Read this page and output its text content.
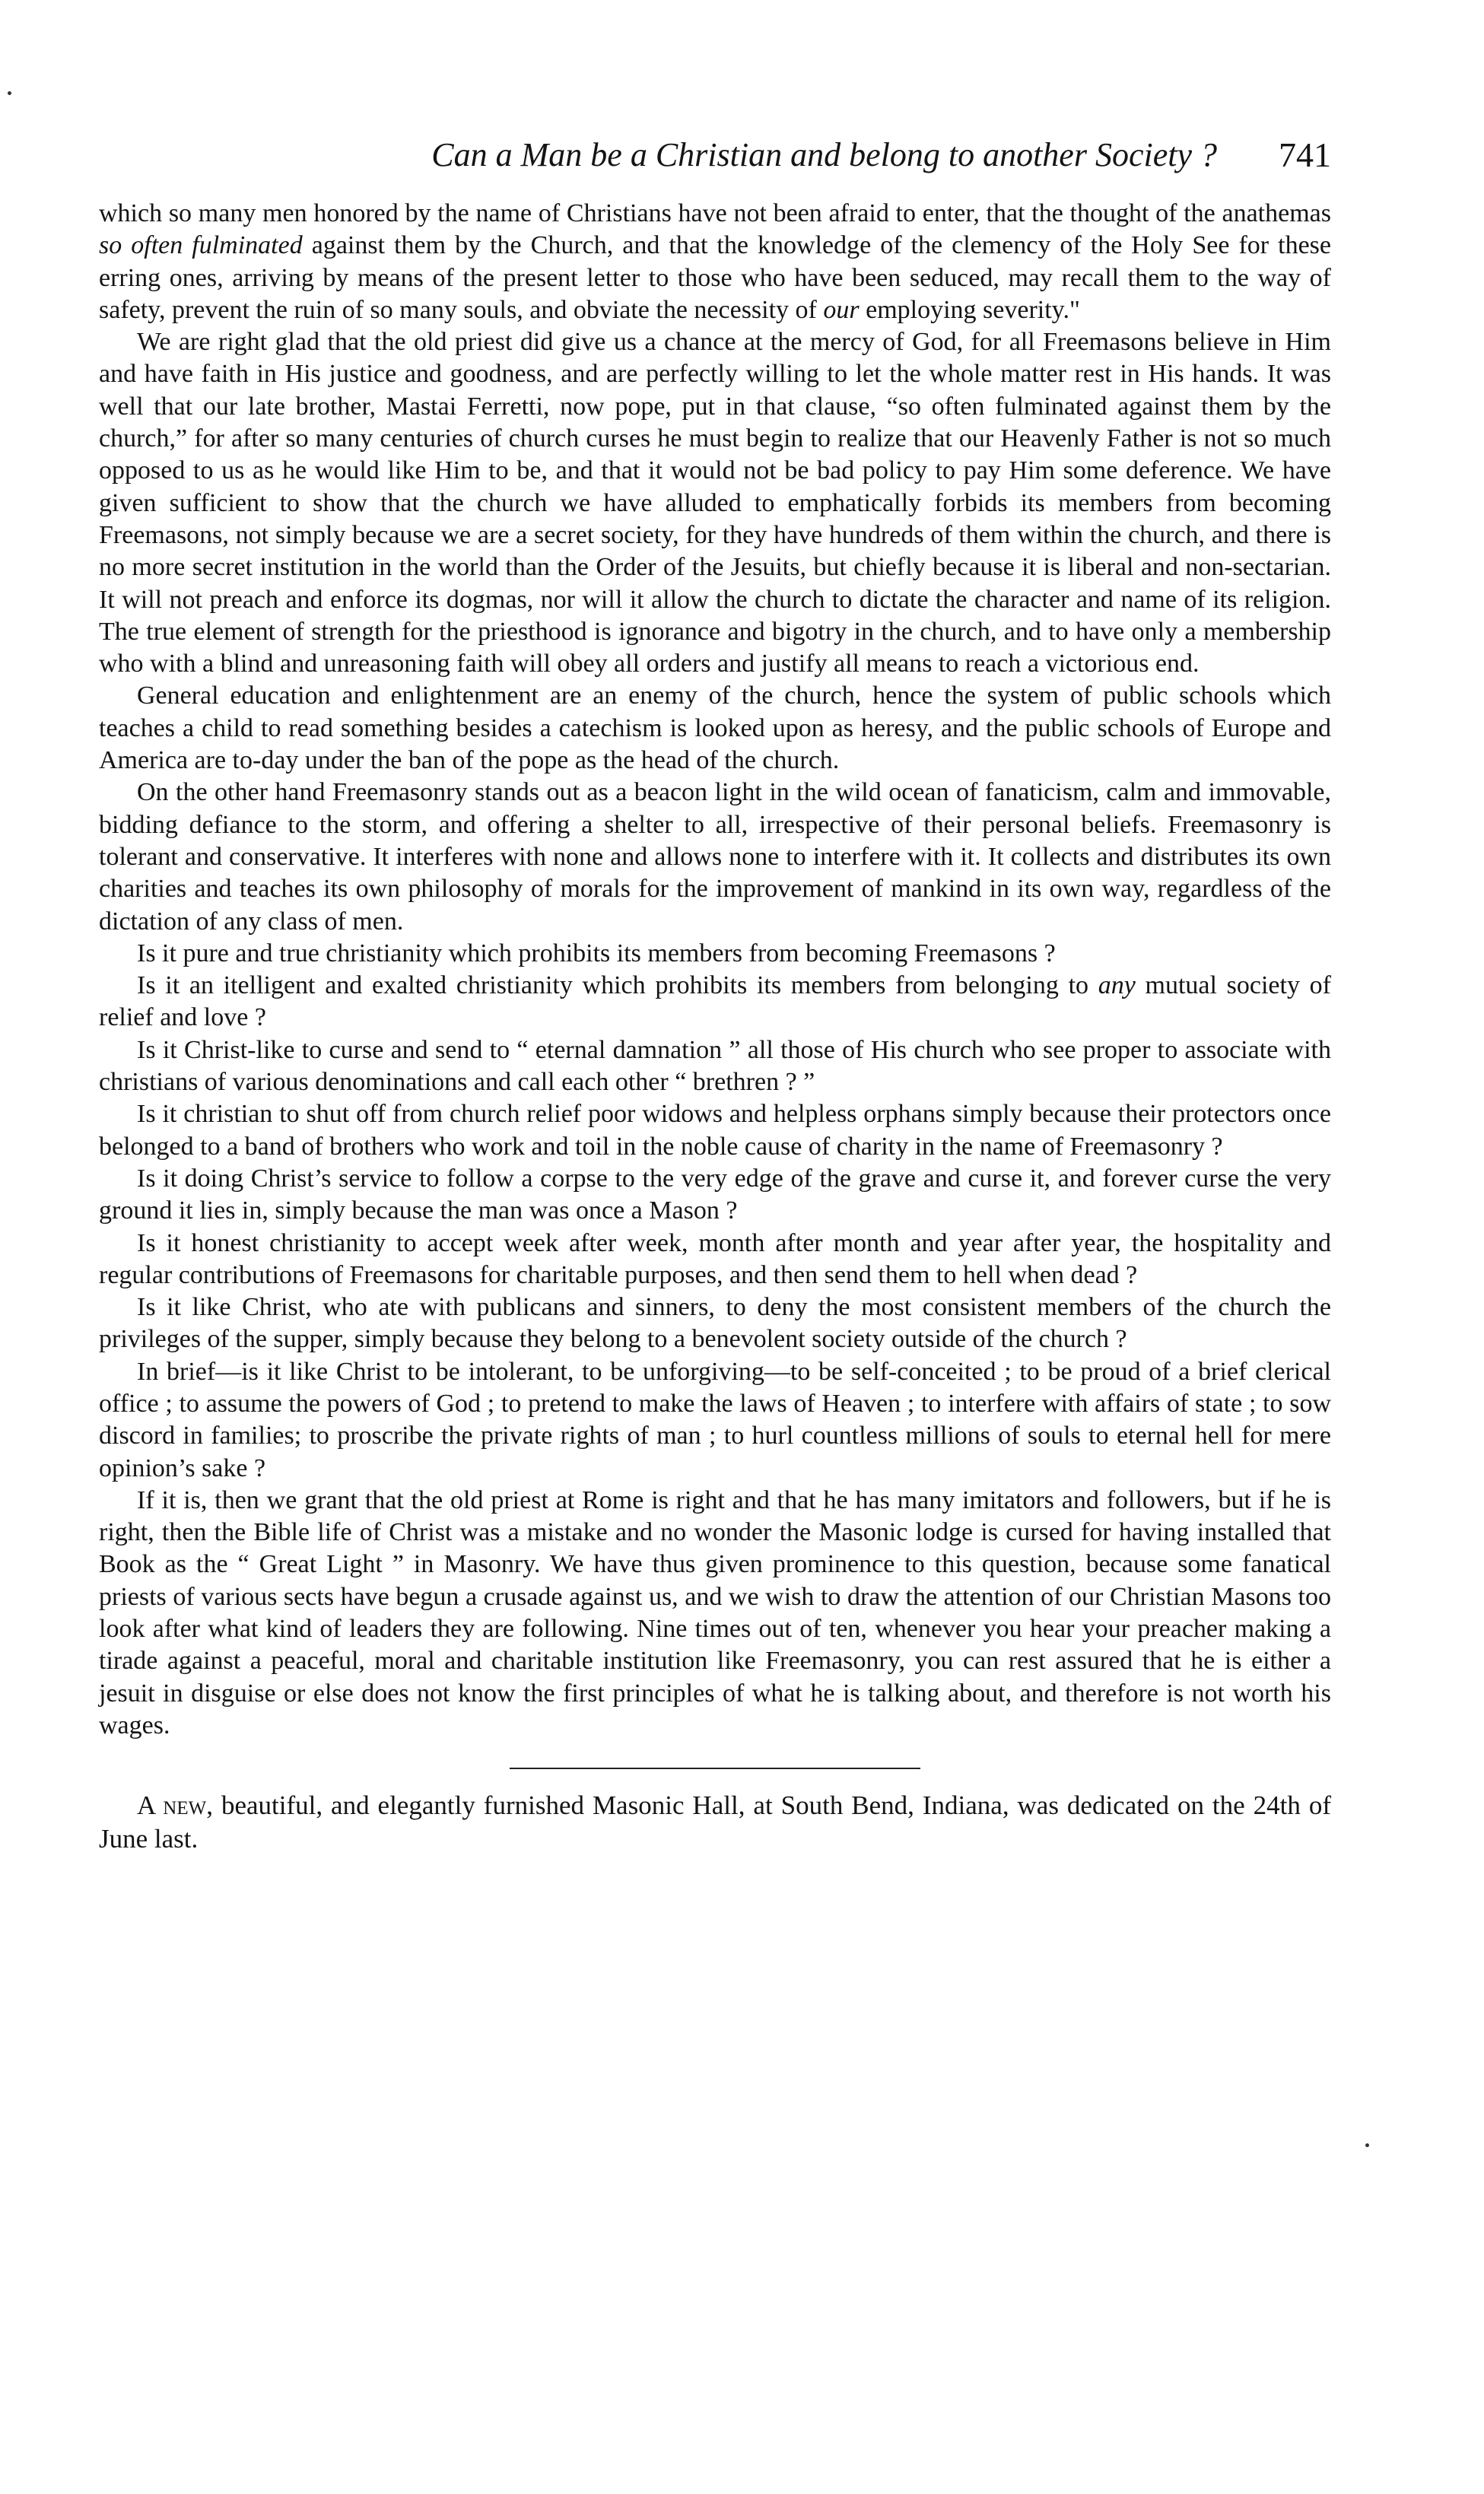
Can a Man be a Christian and belong to another Society ? 741

which so many men honored by the name of Christians have not been afraid to enter, that the thought of the anathemas so often fulminated against them by the Church, and that the knowledge of the clemency of the Holy See for these erring ones, arriving by means of the present letter to those who have been seduced, may recall them to the way of safety, prevent the ruin of so many souls, and obviate the necessity of our employing severity."

We are right glad that the old priest did give us a chance at the mercy of God, for all Freemasons believe in Him and have faith in His justice and goodness, and are perfectly willing to let the whole matter rest in His hands. It was well that our late brother, Mastai Ferretti, now pope, put in that clause, “so often fulminated against them by the church,” for after so many centuries of church curses he must begin to realize that our Heavenly Father is not so much opposed to us as he would like Him to be, and that it would not be bad policy to pay Him some deference. We have given sufficient to show that the church we have alluded to emphatically forbids its members from becoming Freemasons, not simply because we are a secret society, for they have hundreds of them within the church, and there is no more secret institution in the world than the Order of the Jesuits, but chiefly because it is liberal and non-sectarian. It will not preach and enforce its dogmas, nor will it allow the church to dictate the character and name of its religion. The true element of strength for the priesthood is ignorance and bigotry in the church, and to have only a membership who with a blind and unreasoning faith will obey all orders and justify all means to reach a victorious end.

General education and enlightenment are an enemy of the church, hence the system of public schools which teaches a child to read something besides a catechism is looked upon as heresy, and the public schools of Europe and America are to-day under the ban of the pope as the head of the church.

On the other hand Freemasonry stands out as a beacon light in the wild ocean of fanaticism, calm and immovable, bidding defiance to the storm, and offering a shelter to all, irrespective of their personal beliefs. Freemasonry is tolerant and conservative. It interferes with none and allows none to interfere with it. It collects and distributes its own charities and teaches its own philosophy of morals for the improvement of mankind in its own way, regardless of the dictation of any class of men.

Is it pure and true christianity which prohibits its members from becoming Freemasons ?

Is it an itelligent and exalted christianity which prohibits its members from belonging to any mutual society of relief and love ?

Is it Christ-like to curse and send to “ eternal damnation ” all those of His church who see proper to associate with christians of various denominations and call each other “ brethren ? ”

Is it christian to shut off from church relief poor widows and helpless orphans simply because their protectors once belonged to a band of brothers who work and toil in the noble cause of charity in the name of Freemasonry ?

Is it doing Christ’s service to follow a corpse to the very edge of the grave and curse it, and forever curse the very ground it lies in, simply because the man was once a Mason ?

Is it honest christianity to accept week after week, month after month and year after year, the hospitality and regular contributions of Freemasons for charitable purposes, and then send them to hell when dead ?

Is it like Christ, who ate with publicans and sinners, to deny the most consistent members of the church the privileges of the supper, simply because they belong to a benevolent society outside of the church ?

In brief—is it like Christ to be intolerant, to be unforgiving—to be self-conceited ; to be proud of a brief clerical office ; to assume the powers of God ; to pretend to make the laws of Heaven ; to interfere with affairs of state ; to sow discord in families; to proscribe the private rights of man ; to hurl countless millions of souls to eternal hell for mere opinion’s sake ?

If it is, then we grant that the old priest at Rome is right and that he has many imitators and followers, but if he is right, then the Bible life of Christ was a mistake and no wonder the Masonic lodge is cursed for having installed that Book as the “ Great Light ” in Masonry. We have thus given prominence to this question, because some fanatical priests of various sects have begun a crusade against us, and we wish to draw the attention of our Christian Masons too look after what kind of leaders they are following. Nine times out of ten, whenever you hear your preacher making a tirade against a peaceful, moral and charitable institution like Freemasonry, you can rest assured that he is either a jesuit in disguise or else does not know the first principles of what he is talking about, and therefore is not worth his wages.

A new, beautiful, and elegantly furnished Masonic Hall, at South Bend, Indiana, was dedicated on the 24th of June last.
